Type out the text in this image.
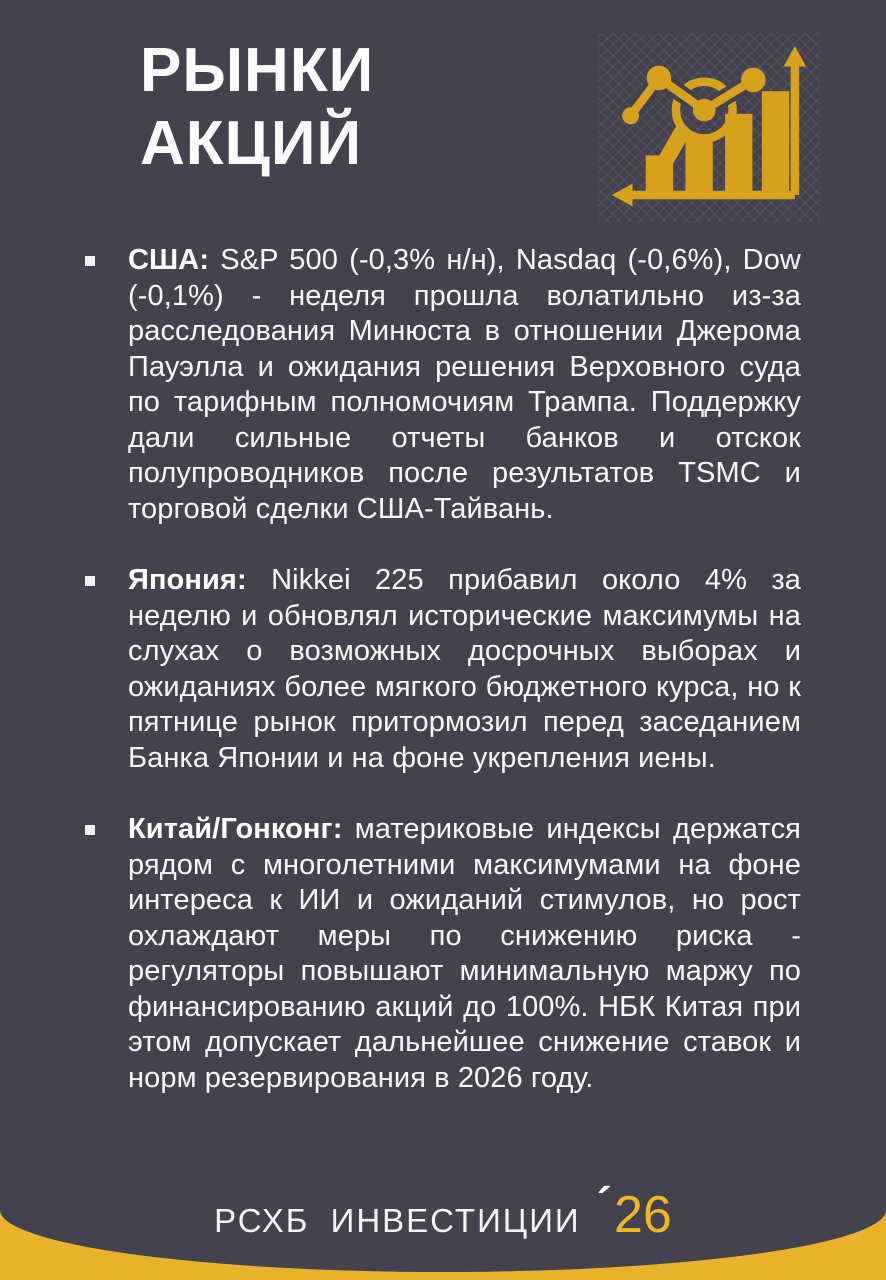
РЫНКИ
АКЦИЙ

США: S&P 500 (-0,3% н/н), Nasdaq (-0,6%), Dow (-0,1%) - неделя прошла волатильно из-за расследования Минюста в отношении Джерома Пауэлла и ожидания решения Верховного суда по тарифным полномочиям Трампа. Поддержку дали сильные отчеты банков и отскок полупроводников после результатов TSMC и торговой сделки США-Тайвань.

Япония: Nikkei 225 прибавил около 4% за неделю и обновлял исторические максимумы на слухах о возможных досрочных выборах и ожиданиях более мягкого бюджетного курса, но к пятнице рынок притормозил перед заседанием Банка Японии и на фоне укрепления иены.

Китай/Гонконг: материковые индексы держатся рядом с многолетними максимумами на фоне интереса к ИИ и ожиданий стимулов, но рост охлаждают меры по снижению риска - регуляторы повышают минимальную маржу по финансированию акций до 100%. НБК Китая при этом допускает дальнейшее снижение ставок и норм резервирования в 2026 году.

РСХБ ИНВЕСТИЦИИ ´ 26
